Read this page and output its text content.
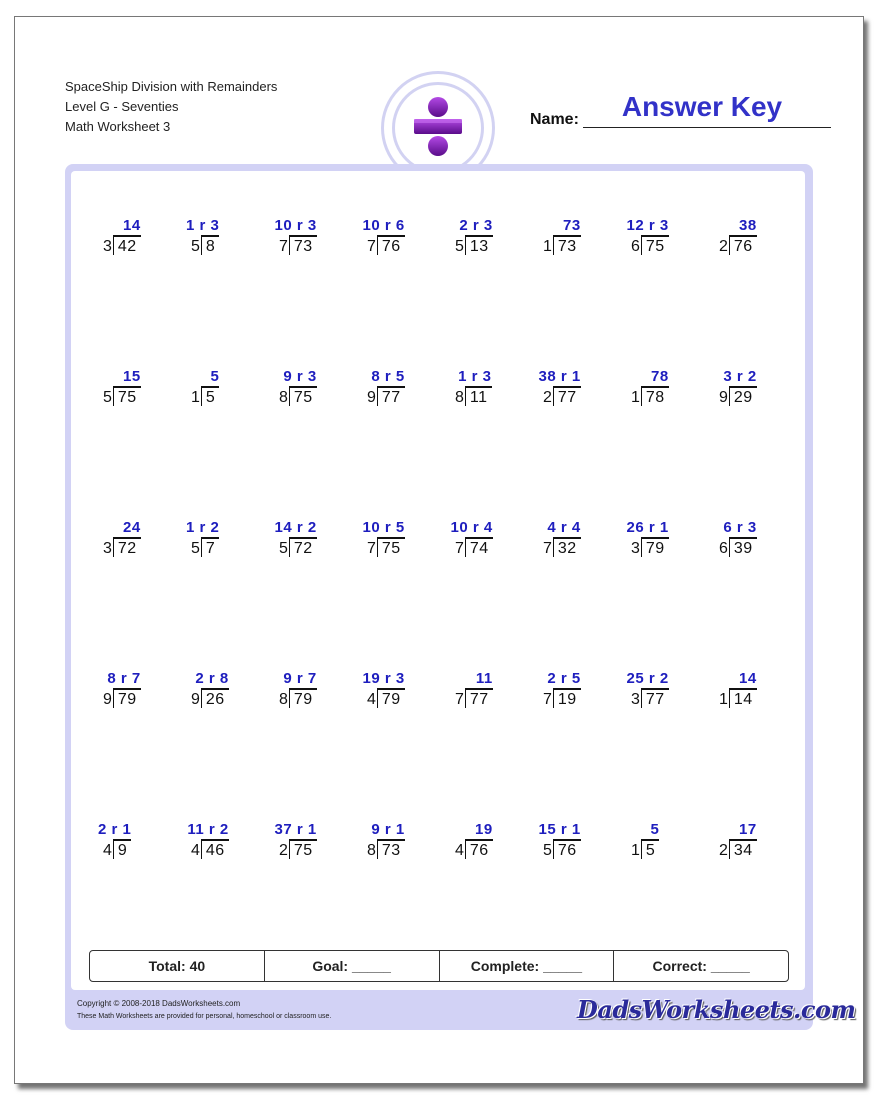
SpaceShip Division with Remainders
Level G - Seventies
Math Worksheet 3	Name:	Answer Key
14
3 42
1 r 3
5 8
10 r 3
7 73
10 r 6
7 76
2 r 3
5 13
73
1 73
12 r 3
6 75
38
2 76
15
5 75
5
1 5
9 r 3
8 75
8 r 5
9 77
1 r 3
8 11
38 r 1
2 77
78
1 78
3 r 2
9 29
24
3 72
1 r 2
5 7
14 r 2
5 72
10 r 5
7 75
10 r 4
7 74
4 r 4
7 32
26 r 1
3 79
6 r 3
6 39
8 r 7
9 79
2 r 8
9 26
9 r 7
8 79
19 r 3
4 79
11
7 77
2 r 5
7 19
25 r 2
3 77
14
1 14
2 r 1
4 9
11 r 2
4 46
37 r 1
2 75
9 r 1
8 73
19
4 76
15 r 1
5 76
5
1 5
17
2 34
Total: 40	Goal: _____	Complete: _____	Correct: _____
Copyright © 2008-2018 DadsWorksheets.com
These Math Worksheets are provided for personal, homeschool or classroom use.	DadsWorksheets.com
